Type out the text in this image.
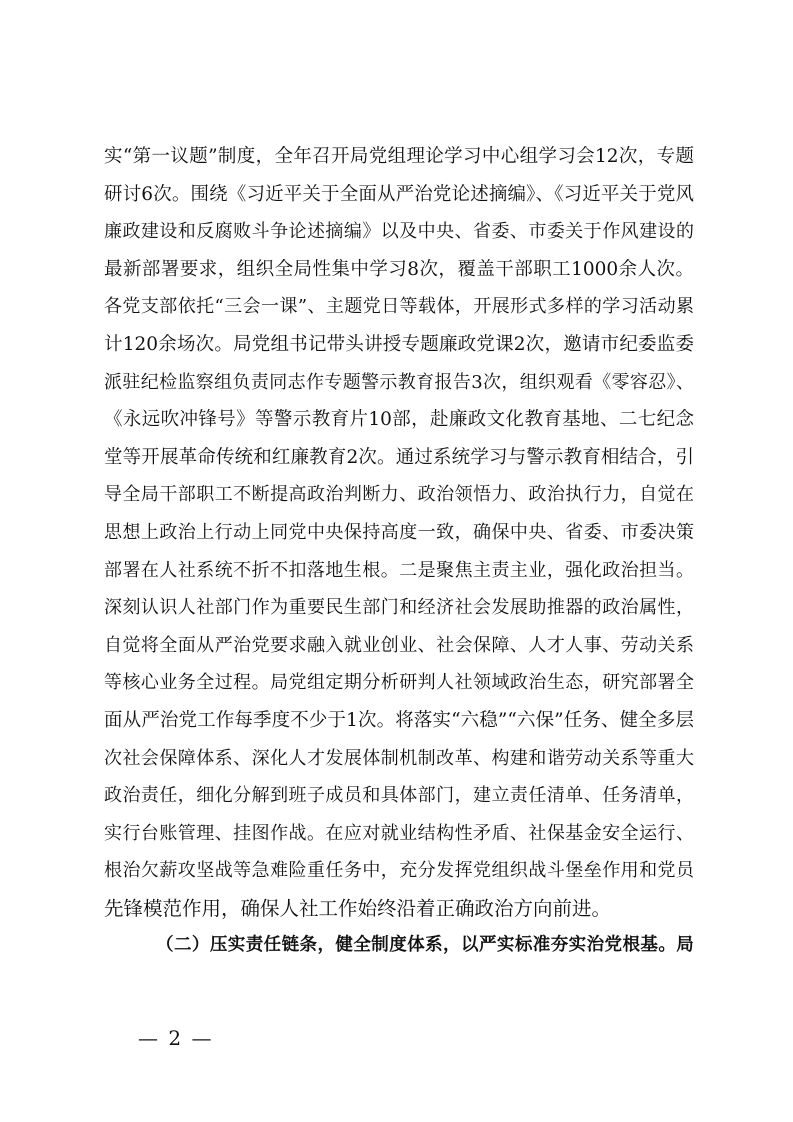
实“第一议题”制度，全年召开局党组理论学习中心组学习会12次，专题
研讨6次。围绕《习近平关于全面从严治党论述摘编》、《习近平关于党风
廉政建设和反腐败斗争论述摘编》以及中央、省委、市委关于作风建设的
最新部署要求，组织全局性集中学习8次，覆盖干部职工1000余人次。
各党支部依托“三会一课”、主题党日等载体，开展形式多样的学习活动累
计120余场次。局党组书记带头讲授专题廉政党课2次，邀请市纪委监委
派驻纪检监察组负责同志作专题警示教育报告3次，组织观看《零容忍》、
《永远吹冲锋号》等警示教育片10部，赴廉政文化教育基地、二七纪念
堂等开展革命传统和红廉教育2次。通过系统学习与警示教育相结合，引
导全局干部职工不断提高政治判断力、政治领悟力、政治执行力，自觉在
思想上政治上行动上同党中央保持高度一致，确保中央、省委、市委决策
部署在人社系统不折不扣落地生根。二是聚焦主责主业，强化政治担当。
深刻认识人社部门作为重要民生部门和经济社会发展助推器的政治属性，
自觉将全面从严治党要求融入就业创业、社会保障、人才人事、劳动关系
等核心业务全过程。局党组定期分析研判人社领域政治生态，研究部署全
面从严治党工作每季度不少于1次。将落实“六稳”“六保”任务、健全多层
次社会保障体系、深化人才发展体制机制改革、构建和谐劳动关系等重大
政治责任，细化分解到班子成员和具体部门，建立责任清单、任务清单，
实行台账管理、挂图作战。在应对就业结构性矛盾、社保基金安全运行、
根治欠薪攻坚战等急难险重任务中，充分发挥党组织战斗堡垒作用和党员
先锋模范作用，确保人社工作始终沿着正确政治方向前进。
（二）压实责任链条，健全制度体系，以严实标准夯实治党根基。局
— 2 —
